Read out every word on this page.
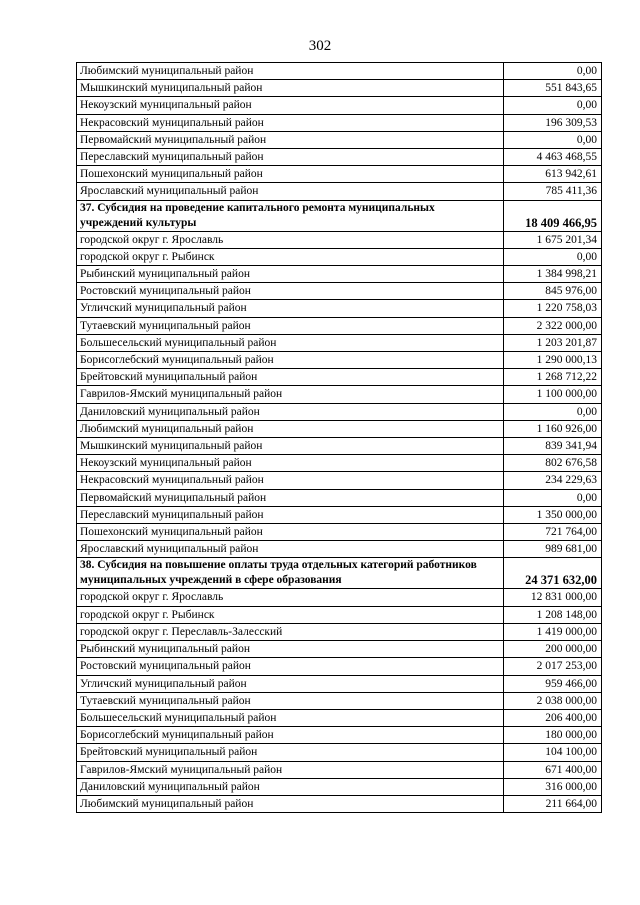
302
Любимский муниципальный район	0,00
Мышкинский муниципальный район	551 843,65
Некоузский муниципальный район	0,00
Некрасовский муниципальный район	196 309,53
Первомайский муниципальный район	0,00
Переславский муниципальный район	4 463 468,55
Пошехонский муниципальный район	613 942,61
Ярославский муниципальный район	785 411,36
37. Субсидия на проведение капитального ремонта муниципальных учреждений культуры	18 409 466,95
городской округ г. Ярославль	1 675 201,34
городской округ г. Рыбинск	0,00
Рыбинский муниципальный район	1 384 998,21
Ростовский муниципальный район	845 976,00
Угличский муниципальный район	1 220 758,03
Тутаевский муниципальный район	2 322 000,00
Большесельский муниципальный район	1 203 201,87
Борисоглебский муниципальный район	1 290 000,13
Брейтовский муниципальный район	1 268 712,22
Гаврилов-Ямский муниципальный район	1 100 000,00
Даниловский муниципальный район	0,00
Любимский муниципальный район	1 160 926,00
Мышкинский муниципальный район	839 341,94
Некоузский муниципальный район	802 676,58
Некрасовский муниципальный район	234 229,63
Первомайский муниципальный район	0,00
Переславский муниципальный район	1 350 000,00
Пошехонский муниципальный район	721 764,00
Ярославский муниципальный район	989 681,00
38. Субсидия на повышение оплаты труда отдельных категорий работников муниципальных учреждений в сфере образования	24 371 632,00
городской округ г. Ярославль	12 831 000,00
городской округ г. Рыбинск	1 208 148,00
городской округ г. Переславль-Залесский	1 419 000,00
Рыбинский муниципальный район	200 000,00
Ростовский муниципальный район	2 017 253,00
Угличский муниципальный район	959 466,00
Тутаевский муниципальный район	2 038 000,00
Большесельский муниципальный район	206 400,00
Борисоглебский муниципальный район	180 000,00
Брейтовский муниципальный район	104 100,00
Гаврилов-Ямский муниципальный район	671 400,00
Даниловский муниципальный район	316 000,00
Любимский муниципальный район	211 664,00
